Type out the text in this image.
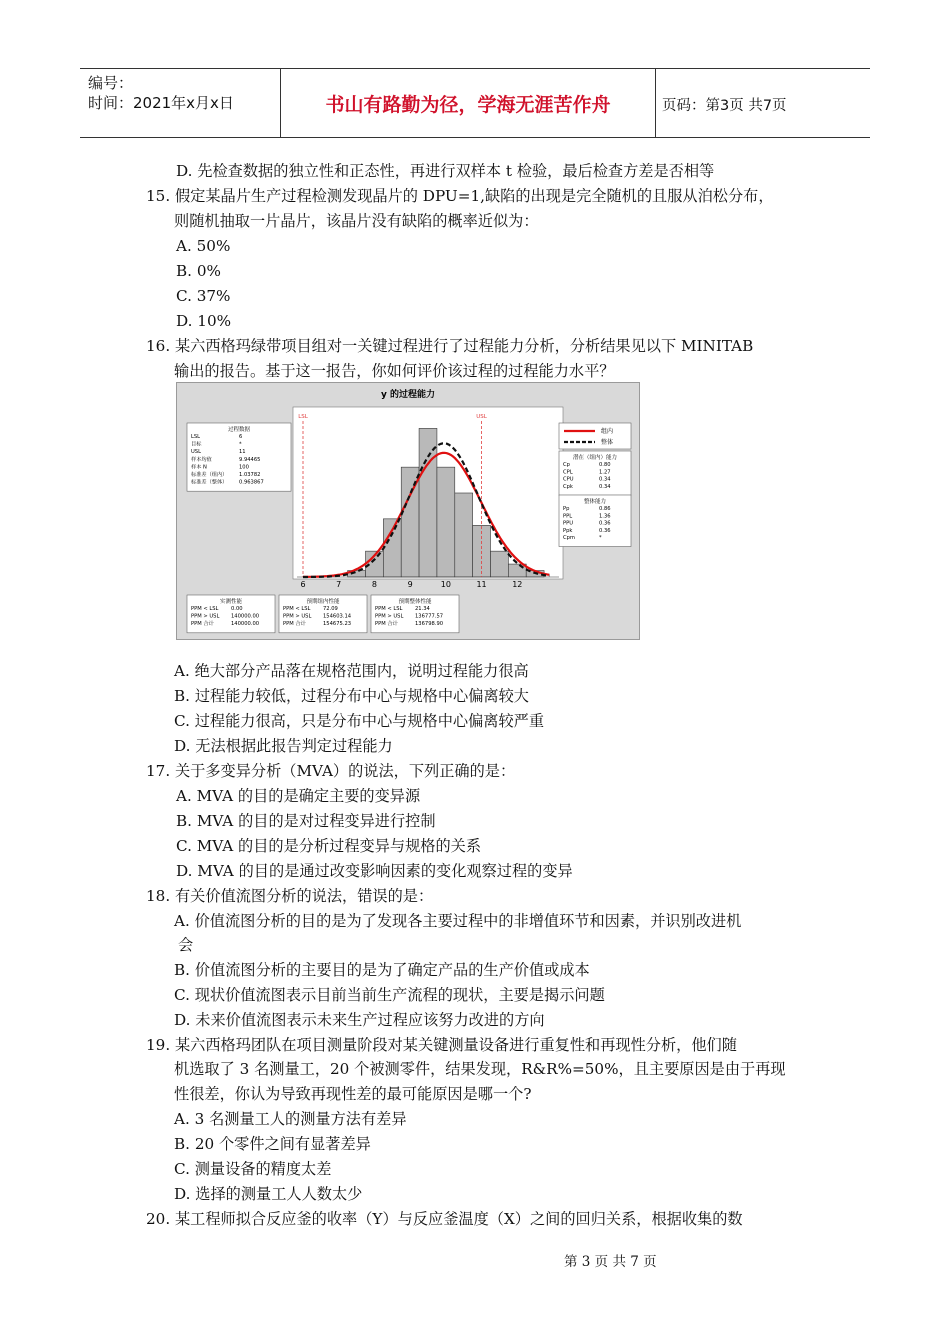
编号：
时间：2021年x月x日	书山有路勤为径，学海无涯苦作舟	页码：第3页 共7页
D. 先检查数据的独立性和正态性，再进行双样本 t 检验，最后检查方差是否相等
15. 假定某晶片生产过程检测发现晶片的 DPU=1,缺陷的出现是完全随机的且服从泊松分布，
则随机抽取一片晶片，该晶片没有缺陷的概率近似为：
A. 50%
B. 0%
C. 37%
D. 10%
16. 某六西格玛绿带项目组对一关键过程进行了过程能力分析，分析结果见以下 MINITAB
输出的报告。基于这一报告，你如何评价该过程的过程能力水平？
y 的过程能力
LSL	USL
6	7	8	9	10	11	12
过程数据
LSL	6
目标	*
USL	11
样本均值	9.94465
样本 N	100
标准差（组内） 1.03782
标准差（整体） 0.963867
实测性能
PPM < LSL 0.00
PPM > USL 140000.00
PPM 合计	140000.00
预期组内性能
PPM < LSL 72.09
PPM > USL 154603.14
PPM 合计	154675.23
预期整体性能
PPM < LSL 21.34
PPM > USL 136777.57
PPM 合计	136798.90
组内
整体
潜在（组内）能力
Cp	0.80
CPL	1.27
CPU	0.34
Cpk	0.34
整体能力
Pp	0.86
PPL	1.36
PPU	0.36
Ppk	0.36
Cpm	*
A. 绝大部分产品落在规格范围内，说明过程能力很高
B. 过程能力较低，过程分布中心与规格中心偏离较大
C. 过程能力很高，只是分布中心与规格中心偏离较严重
D. 无法根据此报告判定过程能力
17. 关于多变异分析（MVA）的说法，下列正确的是：
A. MVA 的目的是确定主要的变异源
B. MVA 的目的是对过程变异进行控制
C. MVA 的目的是分析过程变异与规格的关系
D. MVA 的目的是通过改变影响因素的变化观察过程的变异
18. 有关价值流图分析的说法，错误的是：
A. 价值流图分析的目的是为了发现各主要过程中的非增值环节和因素，并识别改进机
会
B. 价值流图分析的主要目的是为了确定产品的生产价值或成本
C. 现状价值流图表示目前当前生产流程的现状，主要是揭示问题
D. 未来价值流图表示未来生产过程应该努力改进的方向
19. 某六西格玛团队在项目测量阶段对某关键测量设备进行重复性和再现性分析，他们随
机选取了 3 名测量工，20 个被测零件，结果发现，R&R%=50%，且主要原因是由于再现
性很差，你认为导致再现性差的最可能原因是哪一个?
A. 3 名测量工人的测量方法有差异
B. 20 个零件之间有显著差异
C. 测量设备的精度太差
D. 选择的测量工人人数太少
20. 某工程师拟合反应釜的收率（Y）与反应釜温度（X）之间的回归关系，根据收集的数
第 3 页 共 7 页
